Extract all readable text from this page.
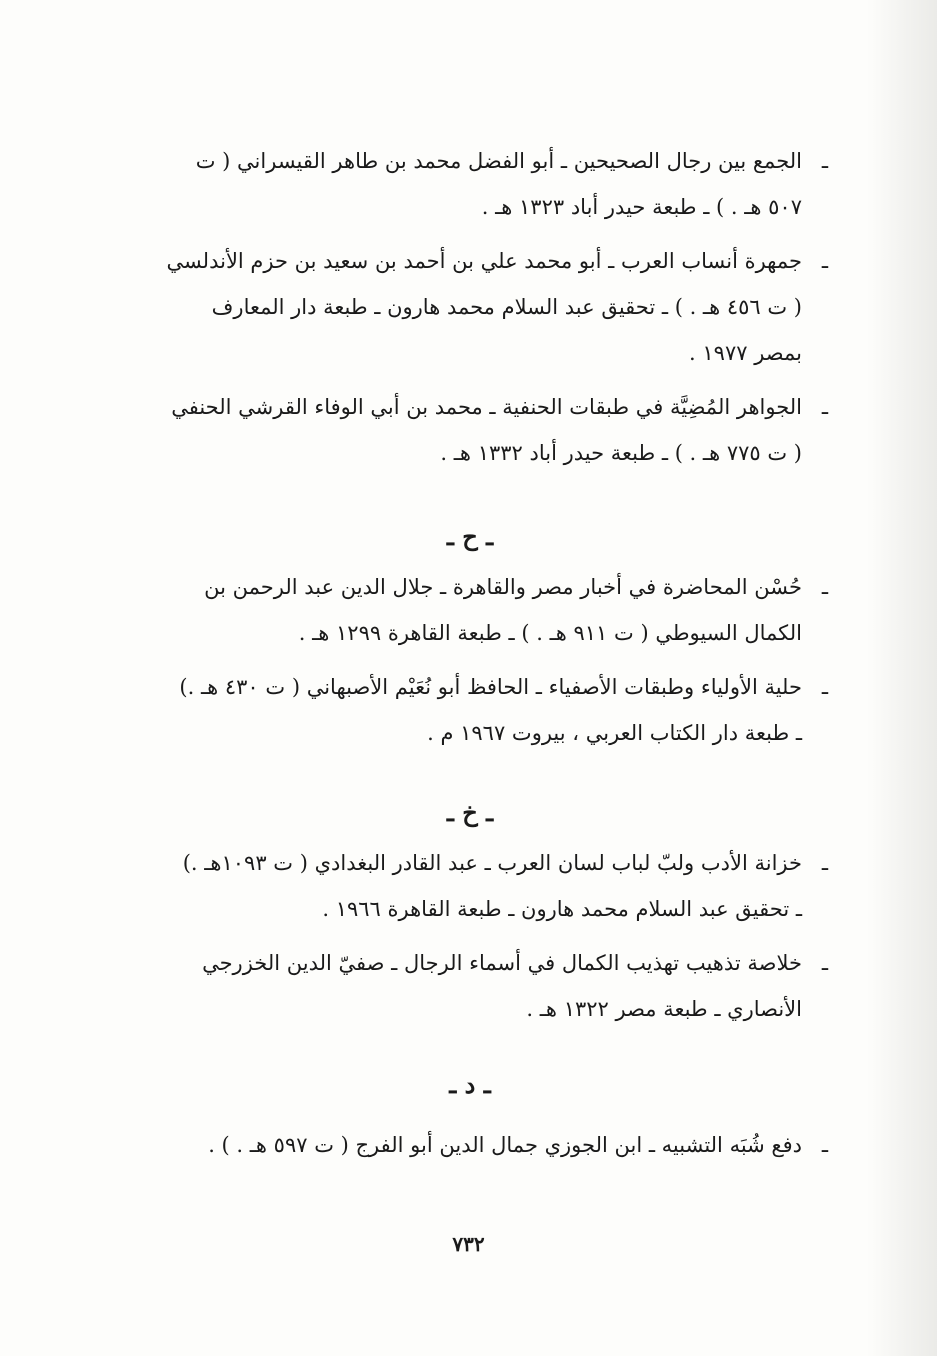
ـ
الجمع بين رجال الصحيحين ـ أبو الفضل محمد بن طاهر القيسراني ( ت
٥٠٧ هـ . ) ـ طبعة حيدر أباد ١٣٢٣ هـ .
ـ
جمهرة أنساب العرب ـ أبو محمد علي بن أحمد بن سعيد بن حزم الأندلسي
( ت ٤٥٦ هـ . ) ـ تحقيق عبد السلام محمد هارون ـ طبعة دار المعارف
بمصر ١٩٧٧ .
ـ
الجواهر المُضِيَّة في طبقات الحنفية ـ محمد بن أبي الوفاء القرشي الحنفي
( ت ٧٧٥ هـ . ) ـ طبعة حيدر أباد ١٣٣٢ هـ .
ـ ح ـ
ـ
حُسْن المحاضرة في أخبار مصر والقاهرة ـ جلال الدين عبد الرحمن بن
الكمال السيوطي ( ت ٩١١ هـ . ) ـ طبعة القاهرة ١٢٩٩ هـ .
ـ
حلية الأولياء وطبقات الأصفياء ـ الحافظ أبو نُعَيْم الأصبهاني ( ت ٤٣٠ هـ .)
ـ طبعة دار الكتاب العربي ، بيروت ١٩٦٧ م .
ـ خ ـ
ـ
خزانة الأدب ولبّ لباب لسان العرب ـ عبد القادر البغدادي ( ت ١٠٩٣هـ .)
ـ تحقيق عبد السلام محمد هارون ـ طبعة القاهرة ١٩٦٦ .
ـ
خلاصة تذهيب تهذيب الكمال في أسماء الرجال ـ صفيّ الدين الخزرجي
الأنصاري ـ طبعة مصر ١٣٢٢ هـ .
ـ د ـ
ـ
دفع شُبَه التشبيه ـ ابن الجوزي جمال الدين أبو الفرج ( ت ٥٩٧ هـ . ) .
٧٣٢
